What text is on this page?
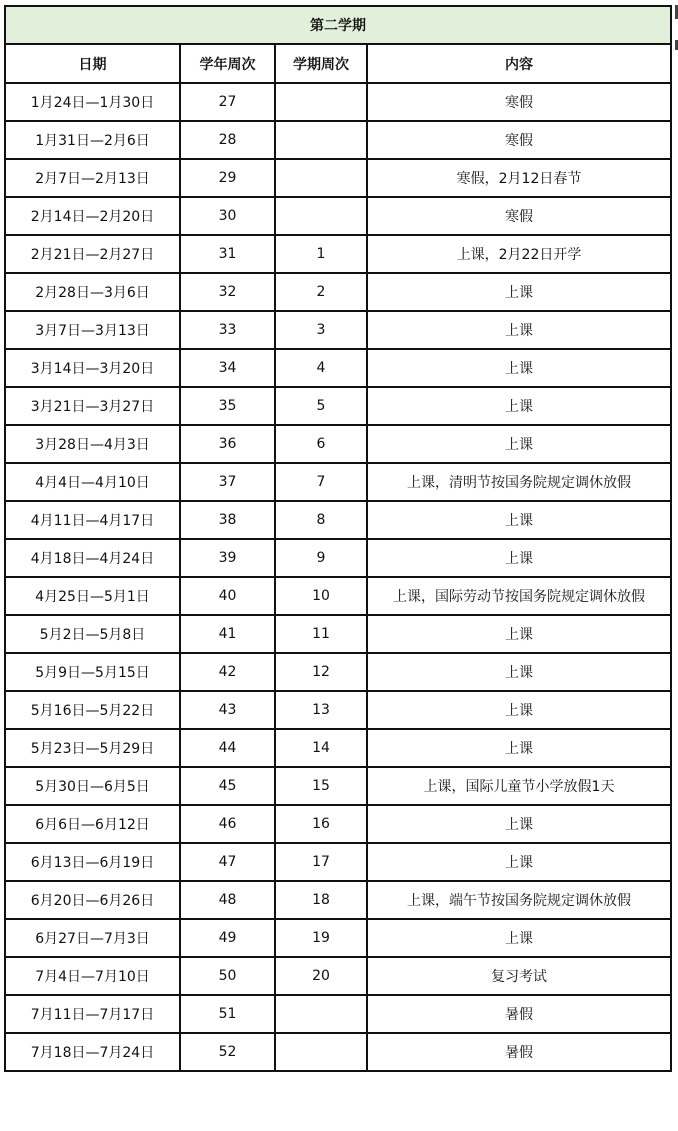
第二学期			
日期	学年周次	学期周次	内容
1月24日—1月30日	27		寒假
1月31日—2月6日	28		寒假
2月7日—2月13日	29		寒假，2月12日春节
2月14日—2月20日	30		寒假
2月21日—2月27日	31	1	上课，2月22日开学
2月28日—3月6日	32	2	上课
3月7日—3月13日	33	3	上课
3月14日—3月20日	34	4	上课
3月21日—3月27日	35	5	上课
3月28日—4月3日	36	6	上课
4月4日—4月10日	37	7	上课，清明节按国务院规定调休放假
4月11日—4月17日	38	8	上课
4月18日—4月24日	39	9	上课
4月25日—5月1日	40	10	上课，国际劳动节按国务院规定调休放假
5月2日—5月8日	41	11	上课
5月9日—5月15日	42	12	上课
5月16日—5月22日	43	13	上课
5月23日—5月29日	44	14	上课
5月30日—6月5日	45	15	上课，国际儿童节小学放假1天
6月6日—6月12日	46	16	上课
6月13日—6月19日	47	17	上课
6月20日—6月26日	48	18	上课，端午节按国务院规定调休放假
6月27日—7月3日	49	19	上课
7月4日—7月10日	50	20	复习考试
7月11日—7月17日	51		暑假
7月18日—7月24日	52		暑假
